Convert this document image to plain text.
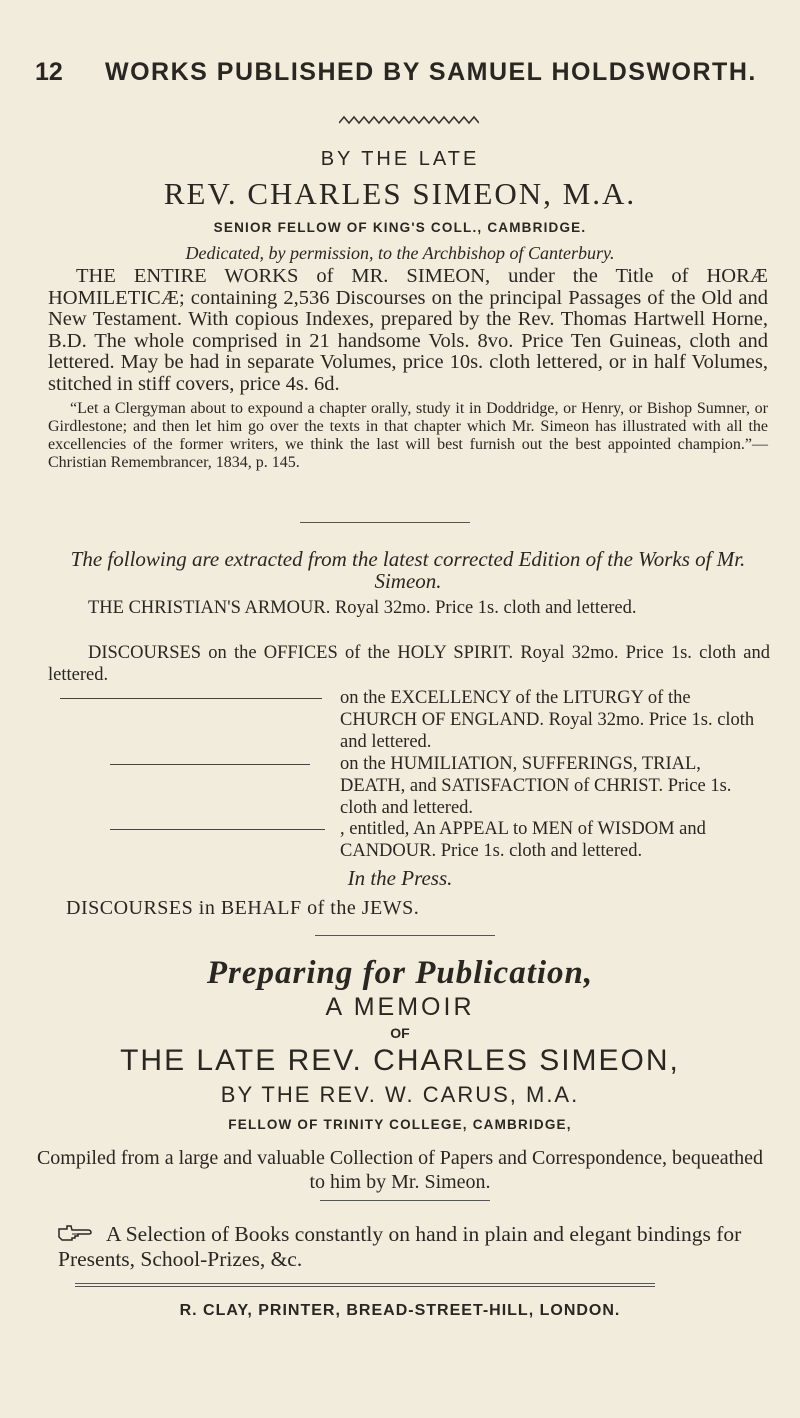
12 WORKS PUBLISHED BY SAMUEL HOLDSWORTH.
BY THE LATE
REV. CHARLES SIMEON, M.A.
SENIOR FELLOW OF KING'S COLL., CAMBRIDGE.
Dedicated, by permission, to the Archbishop of Canterbury.
THE ENTIRE WORKS of MR. SIMEON, under the Title of HORÆ HOMILETICÆ; containing 2,536 Discourses on the principal Passages of the Old and New Testament. With copious Indexes, prepared by the Rev. Thomas Hartwell Horne, B.D. The whole comprised in 21 handsome Vols. 8vo. Price Ten Guineas, cloth and lettered. May be had in separate Volumes, price 10s. cloth lettered, or in half Volumes, stitched in stiff covers, price 4s. 6d.
“Let a Clergyman about to expound a chapter orally, study it in Doddridge, or Henry, or Bishop Sumner, or Girdlestone; and then let him go over the texts in that chapter which Mr. Simeon has illustrated with all the excellencies of the former writers, we think the last will best furnish out the best appointed champion.”—Christian Remembrancer, 1834, p. 145.
The following are extracted from the latest corrected Edition of the Works of Mr. Simeon.
THE CHRISTIAN'S ARMOUR. Royal 32mo. Price 1s. cloth and lettered.
DISCOURSES on the OFFICES of the HOLY SPIRIT. Royal 32mo. Price 1s. cloth and lettered.
on the EXCELLENCY of the LITURGY of the CHURCH OF ENGLAND. Royal 32mo. Price 1s. cloth and lettered.
on the HUMILIATION, SUFFERINGS, TRIAL, DEATH, and SATISFACTION of CHRIST. Price 1s. cloth and lettered.
, entitled, An APPEAL to MEN of WISDOM and CANDOUR. Price 1s. cloth and lettered.
In the Press.
DISCOURSES in BEHALF of the JEWS.
Preparing for Publication,
A MEMOIR
OF
THE LATE REV. CHARLES SIMEON,
BY THE REV. W. CARUS, M.A.
FELLOW OF TRINITY COLLEGE, CAMBRIDGE,
Compiled from a large and valuable Collection of Papers and Correspondence, bequeathed to him by Mr. Simeon.
A Selection of Books constantly on hand in plain and elegant bindings for Presents, School-Prizes, &c.
R. CLAY, PRINTER, BREAD-STREET-HILL, LONDON.
